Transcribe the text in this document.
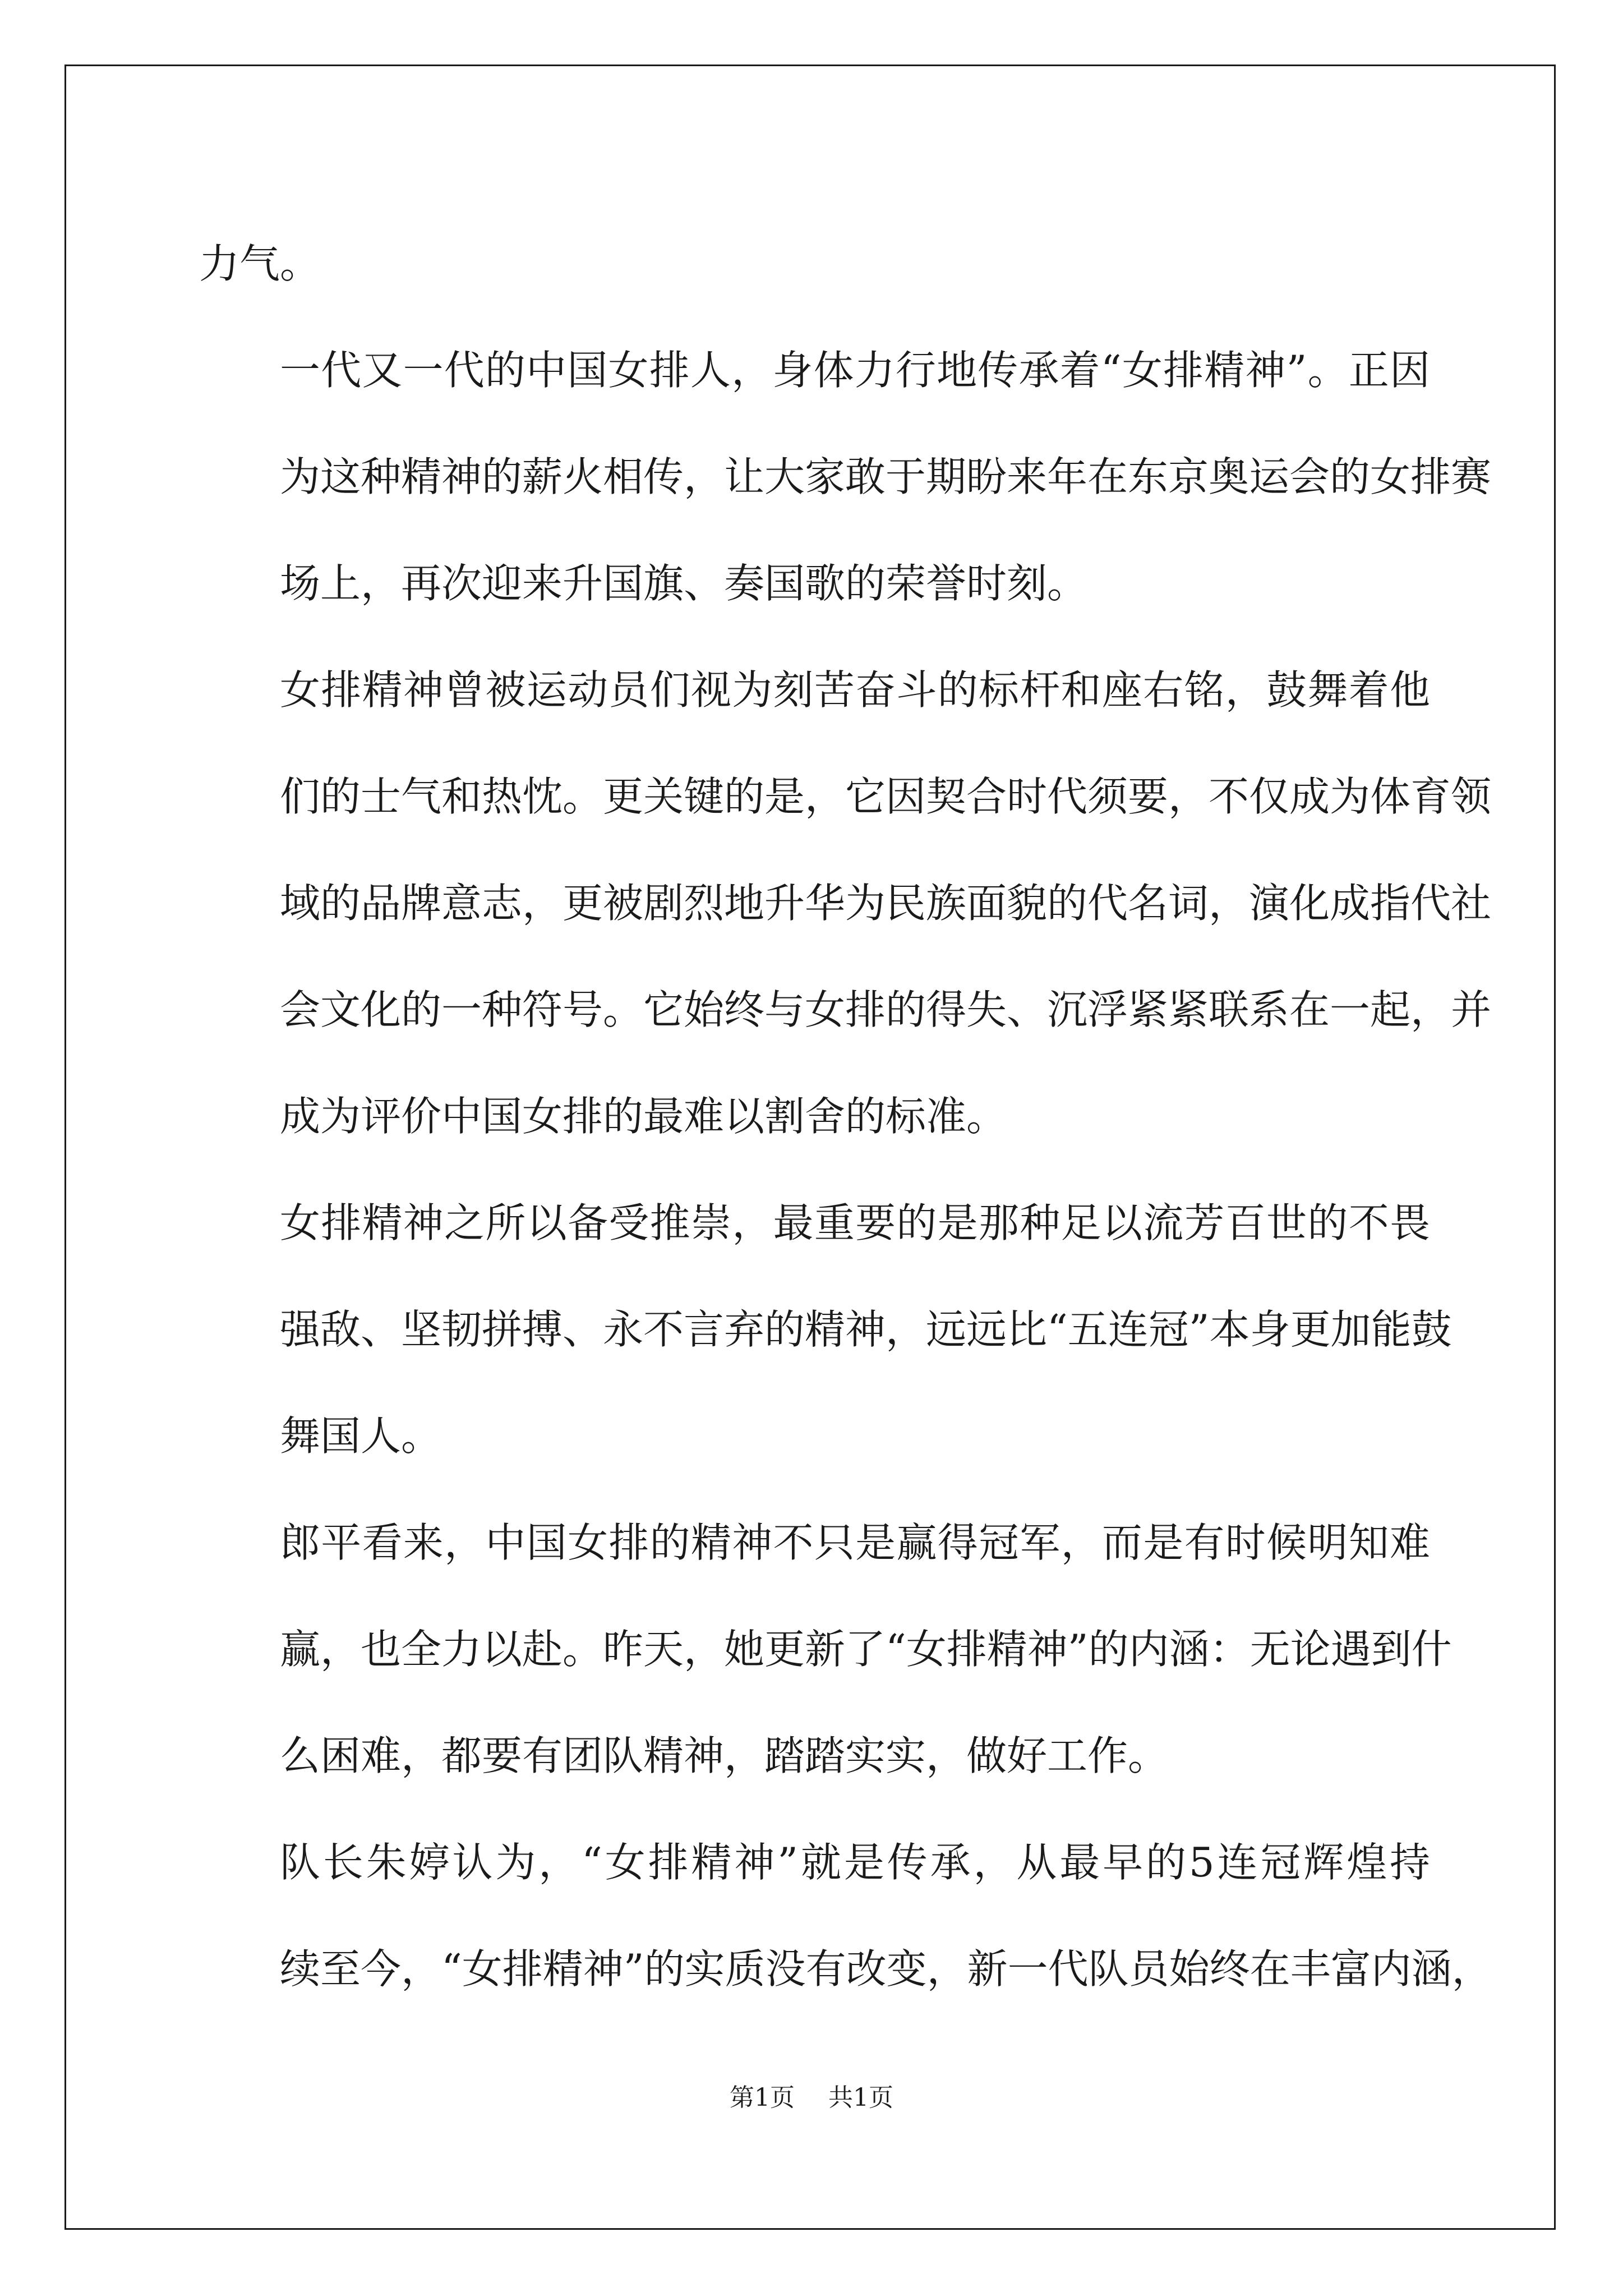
力气。

一代又一代的中国女排人，身体力行地传承着“女排精神”。正因
为这种精神的薪火相传，让大家敢于期盼来年在东京奥运会的女排赛
场上，再次迎来升国旗、奏国歌的荣誉时刻。

女排精神曾被运动员们视为刻苦奋斗的标杆和座右铭，鼓舞着他
们的士气和热忱。更关键的是，它因契合时代须要，不仅成为体育领
域的品牌意志，更被剧烈地升华为民族面貌的代名词，演化成指代社
会文化的一种符号。它始终与女排的得失、沉浮紧紧联系在一起，并
成为评价中国女排的最难以割舍的标准。

女排精神之所以备受推崇，最重要的是那种足以流芳百世的不畏
强敌、坚韧拼搏、永不言弃的精神，远远比“五连冠”本身更加能鼓
舞国人。

郎平看来，中国女排的精神不只是赢得冠军，而是有时候明知难
赢，也全力以赴。昨天，她更新了“女排精神”的内涵：无论遇到什
么困难，都要有团队精神，踏踏实实，做好工作。

队长朱婷认为，“女排精神”就是传承，从最早的5连冠辉煌持
续至今，“女排精神”的实质没有改变，新一代队员始终在丰富内涵，

第1页 共1页
